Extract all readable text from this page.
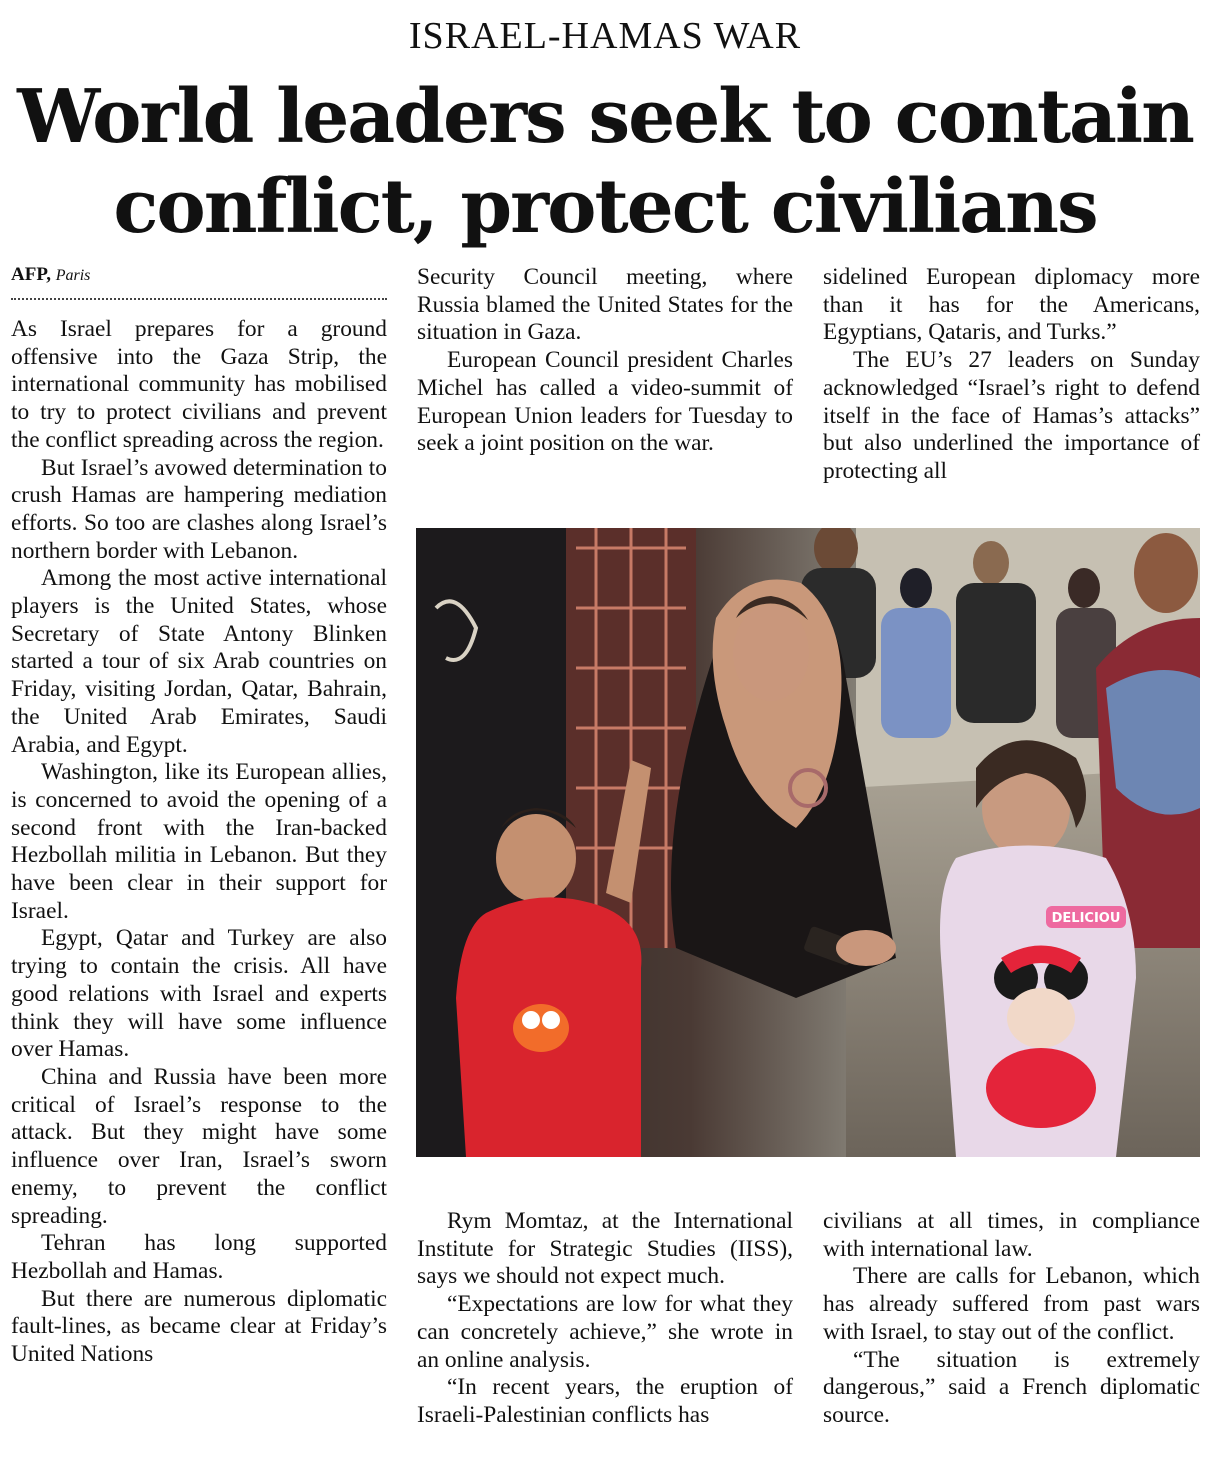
ISRAEL-HAMAS WAR
World leaders seek to contain
conflict, protect civilians
AFP, Paris

As Israel prepares for a ground offensive into the Gaza Strip, the international community has mobilised to try to protect civilians and prevent the conflict spreading across the region.

But Israel’s avowed determination to crush Hamas are hampering mediation efforts. So too are clashes along Israel’s northern border with Lebanon.

Among the most active international players is the United States, whose Secretary of State Antony Blinken started a tour of six Arab countries on Friday, visiting Jordan, Qatar, Bahrain, the United Arab Emirates, Saudi Arabia, and Egypt.

Washington, like its European allies, is concerned to avoid the opening of a second front with the Iran-backed Hezbollah militia in Lebanon. But they have been clear in their support for Israel.

Egypt, Qatar and Turkey are also trying to contain the crisis. All have good relations with Israel and experts think they will have some influence over Hamas.

China and Russia have been more critical of Israel’s response to the attack. But they might have some influence over Iran, Israel’s sworn enemy, to prevent the conflict spreading.

Tehran has long supported Hezbollah and Hamas.

But there are numerous diplomatic fault-lines, as became clear at Friday’s United Nations

Security Council meeting, where Russia blamed the United States for the situation in Gaza.

European Council president Charles Michel has called a video-summit of European Union leaders for Tuesday to seek a joint position on the war.

sidelined European diplomacy more than it has for the Americans, Egyptians, Qataris, and Turks.”

The EU’s 27 leaders on Sunday acknowledged “Israel’s right to defend itself in the face of Hamas’s attacks” but also underlined the importance of protecting all

DELICIOU

Rym Momtaz, at the International Institute for Strategic Studies (IISS), says we should not expect much.

“Expectations are low for what they can concretely achieve,” she wrote in an online analysis.

“In recent years, the eruption of Israeli-Palestinian conflicts has

civilians at all times, in compliance with international law.

There are calls for Lebanon, which has already suffered from past wars with Israel, to stay out of the conflict.

“The situation is extremely dangerous,” said a French diplomatic source.
